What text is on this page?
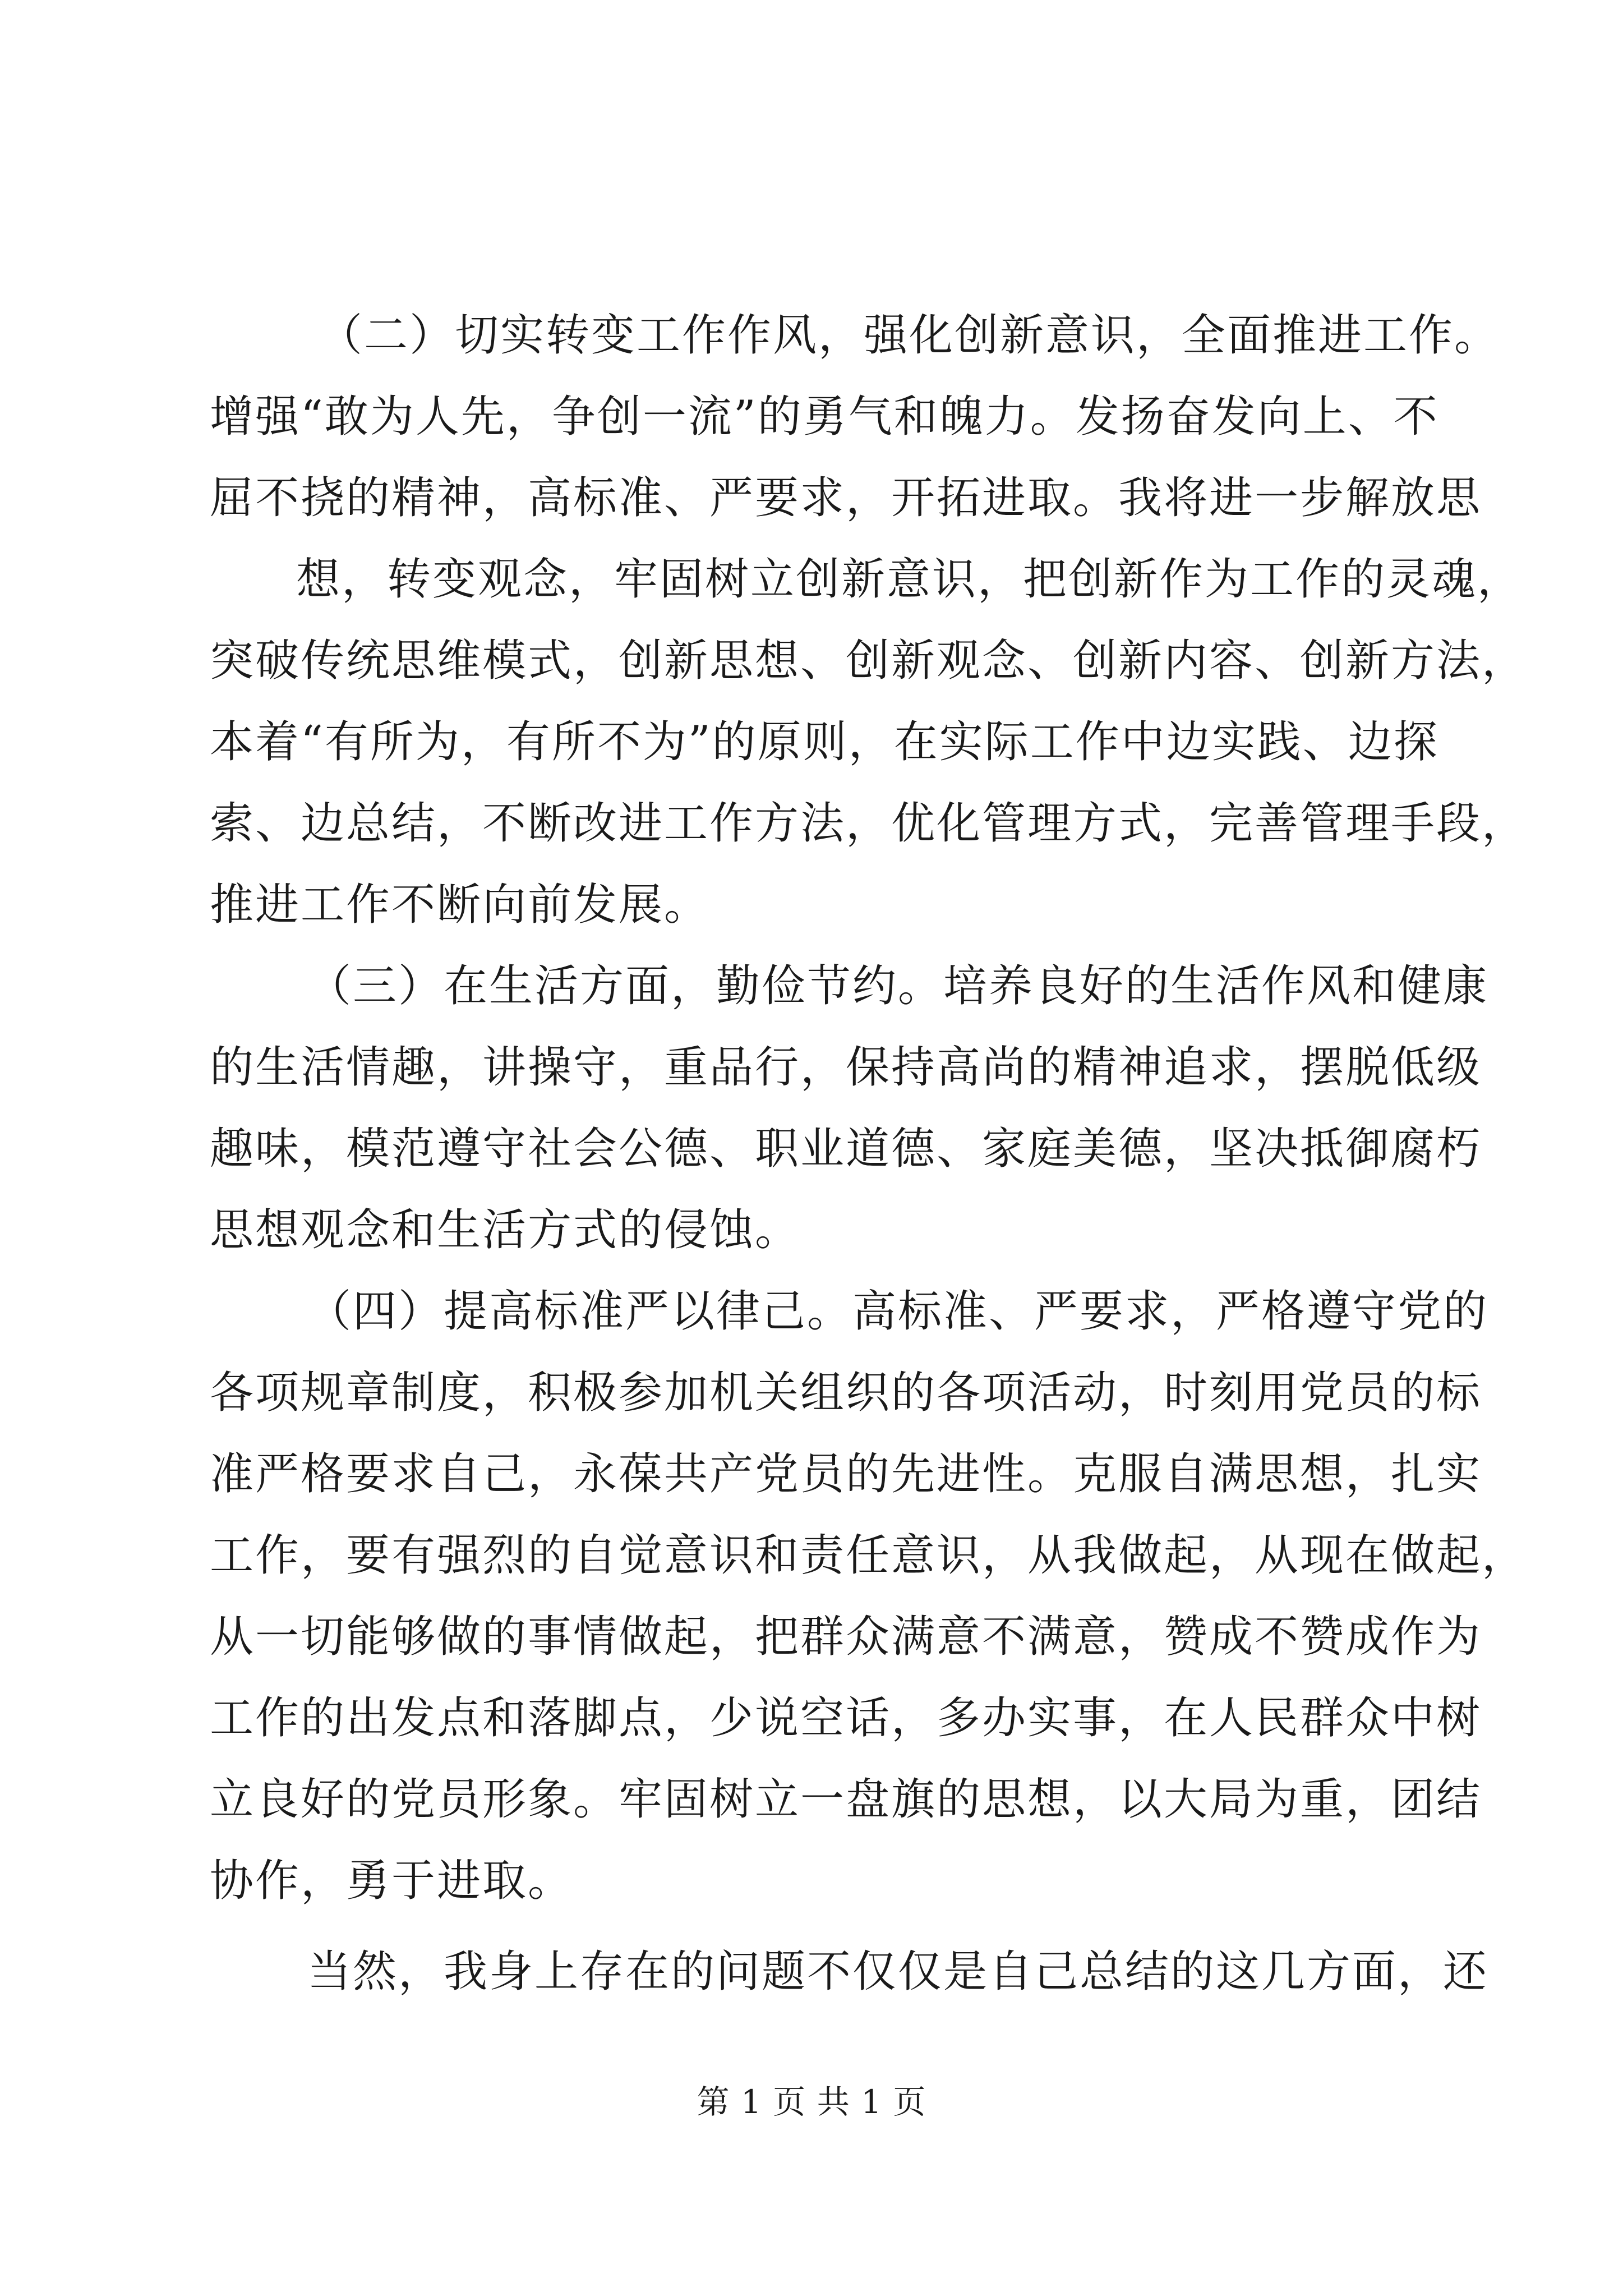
（二）切实转变工作作风，强化创新意识，全面推进工作。

增强“敢为人先，争创一流”的勇气和魄力。发扬奋发向上、不

屈不挠的精神，高标准、严要求，开拓进取。我将进一步解放思

想，转变观念，牢固树立创新意识，把创新作为工作的灵魂，

突破传统思维模式，创新思想、创新观念、创新内容、创新方法，

本着“有所为，有所不为”的原则，在实际工作中边实践、边探

索、边总结，不断改进工作方法，优化管理方式，完善管理手段，

推进工作不断向前发展。

（三）在生活方面，勤俭节约。培养良好的生活作风和健康

的生活情趣，讲操守，重品行，保持高尚的精神追求，摆脱低级

趣味，模范遵守社会公德、职业道德、家庭美德，坚决抵御腐朽

思想观念和生活方式的侵蚀。

（四）提高标准严以律己。高标准、严要求，严格遵守党的

各项规章制度，积极参加机关组织的各项活动，时刻用党员的标

准严格要求自己，永葆共产党员的先进性。克服自满思想，扎实

工作，要有强烈的自觉意识和责任意识，从我做起，从现在做起，

从一切能够做的事情做起，把群众满意不满意，赞成不赞成作为

工作的出发点和落脚点，少说空话，多办实事，在人民群众中树

立良好的党员形象。牢固树立一盘旗的思想，以大局为重，团结

协作，勇于进取。

当然，我身上存在的问题不仅仅是自己总结的这几方面，还

第 1 页 共 1 页
